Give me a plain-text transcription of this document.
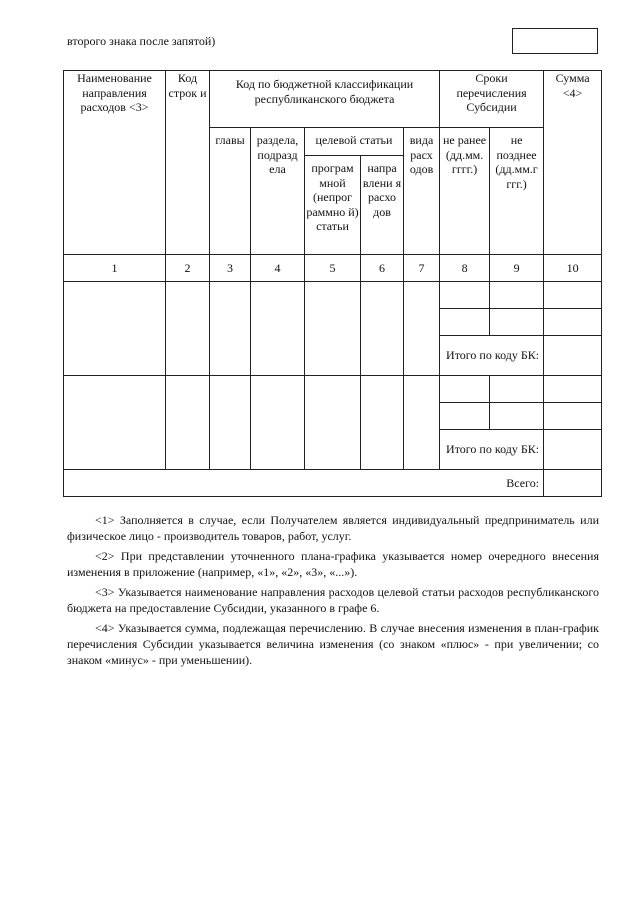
второго знака после запятой)
Наименование направления расходов <3>	Код строк и	Код по бюджетной классификации республиканского бюджета					Сроки перечисления Субсидии		Сумма <4>
		главы	раздела, подразд ела	целевой статьи		вида расх одов	не ранее (дд.мм. гггг.)	не позднее (дд.мм.г ггг.)	
				програм мной (непрог раммно й) статьи	напра влени я расхо дов				
1	2	3	4	5	6	7	8	9	10

							Итого по коду БК:		

							Итого по коду БК:		
Всего:									

<1> Заполняется в случае, если Получателем является индивидуальный предприниматель или физическое лицо - производитель товаров, работ, услуг.

<2> При представлении уточненного плана-графика указывается номер очередного внесения изменения в приложение (например, «1», «2», «3», «...»).

<3> Указывается наименование направления расходов целевой статьи расходов республиканского бюджета на предоставление Субсидии, указанного в графе 6.

<4> Указывается сумма, подлежащая перечислению. В случае внесения изменения в план-график перечисления Субсидии указывается величина изменения (со знаком «плюс» - при увеличении; со знаком «минус» - при уменьшении).
